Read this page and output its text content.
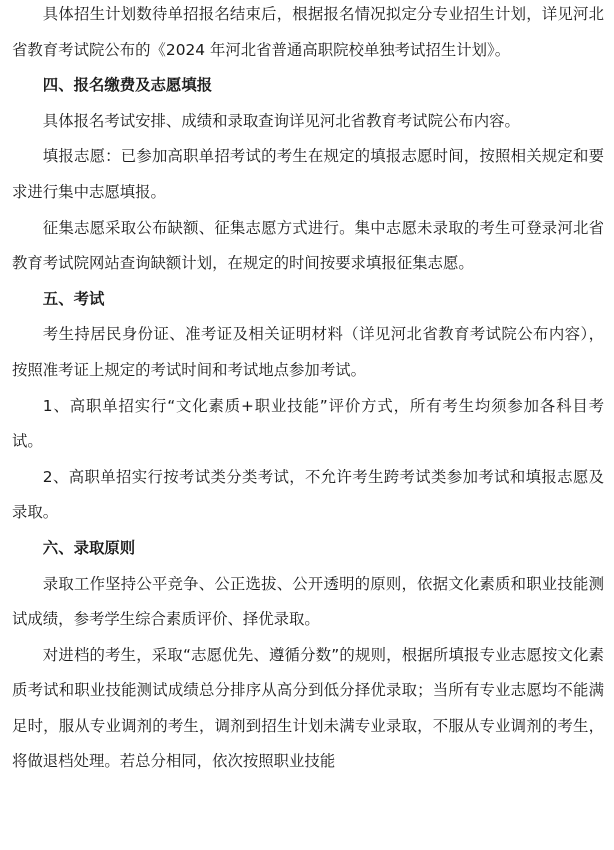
具体招生计划数待单招报名结束后，根据报名情况拟定分专业招生计划，详见河北省教育考试院公布的《2024 年河北省普通高职院校单独考试招生计划》。

四、报名缴费及志愿填报

具体报名考试安排、成绩和录取查询详见河北省教育考试院公布内容。

填报志愿：已参加高职单招考试的考生在规定的填报志愿时间，按照相关规定和要求进行集中志愿填报。

征集志愿采取公布缺额、征集志愿方式进行。集中志愿未录取的考生可登录河北省教育考试院网站查询缺额计划，在规定的时间按要求填报征集志愿。

五、考试

考生持居民身份证、准考证及相关证明材料（详见河北省教育考试院公布内容），按照准考证上规定的考试时间和考试地点参加考试。

1、高职单招实行“文化素质+职业技能”评价方式，所有考生均须参加各科目考试。

2、高职单招实行按考试类分类考试，不允许考生跨考试类参加考试和填报志愿及录取。

六、录取原则

录取工作坚持公平竞争、公正选拔、公开透明的原则，依据文化素质和职业技能测试成绩，参考学生综合素质评价、择优录取。

对进档的考生，采取“志愿优先、遵循分数”的规则，根据所填报专业志愿按文化素质考试和职业技能测试成绩总分排序从高分到低分择优录取；当所有专业志愿均不能满足时，服从专业调剂的考生，调剂到招生计划未满专业录取，不服从专业调剂的考生，将做退档处理。若总分相同，依次按照职业技能
